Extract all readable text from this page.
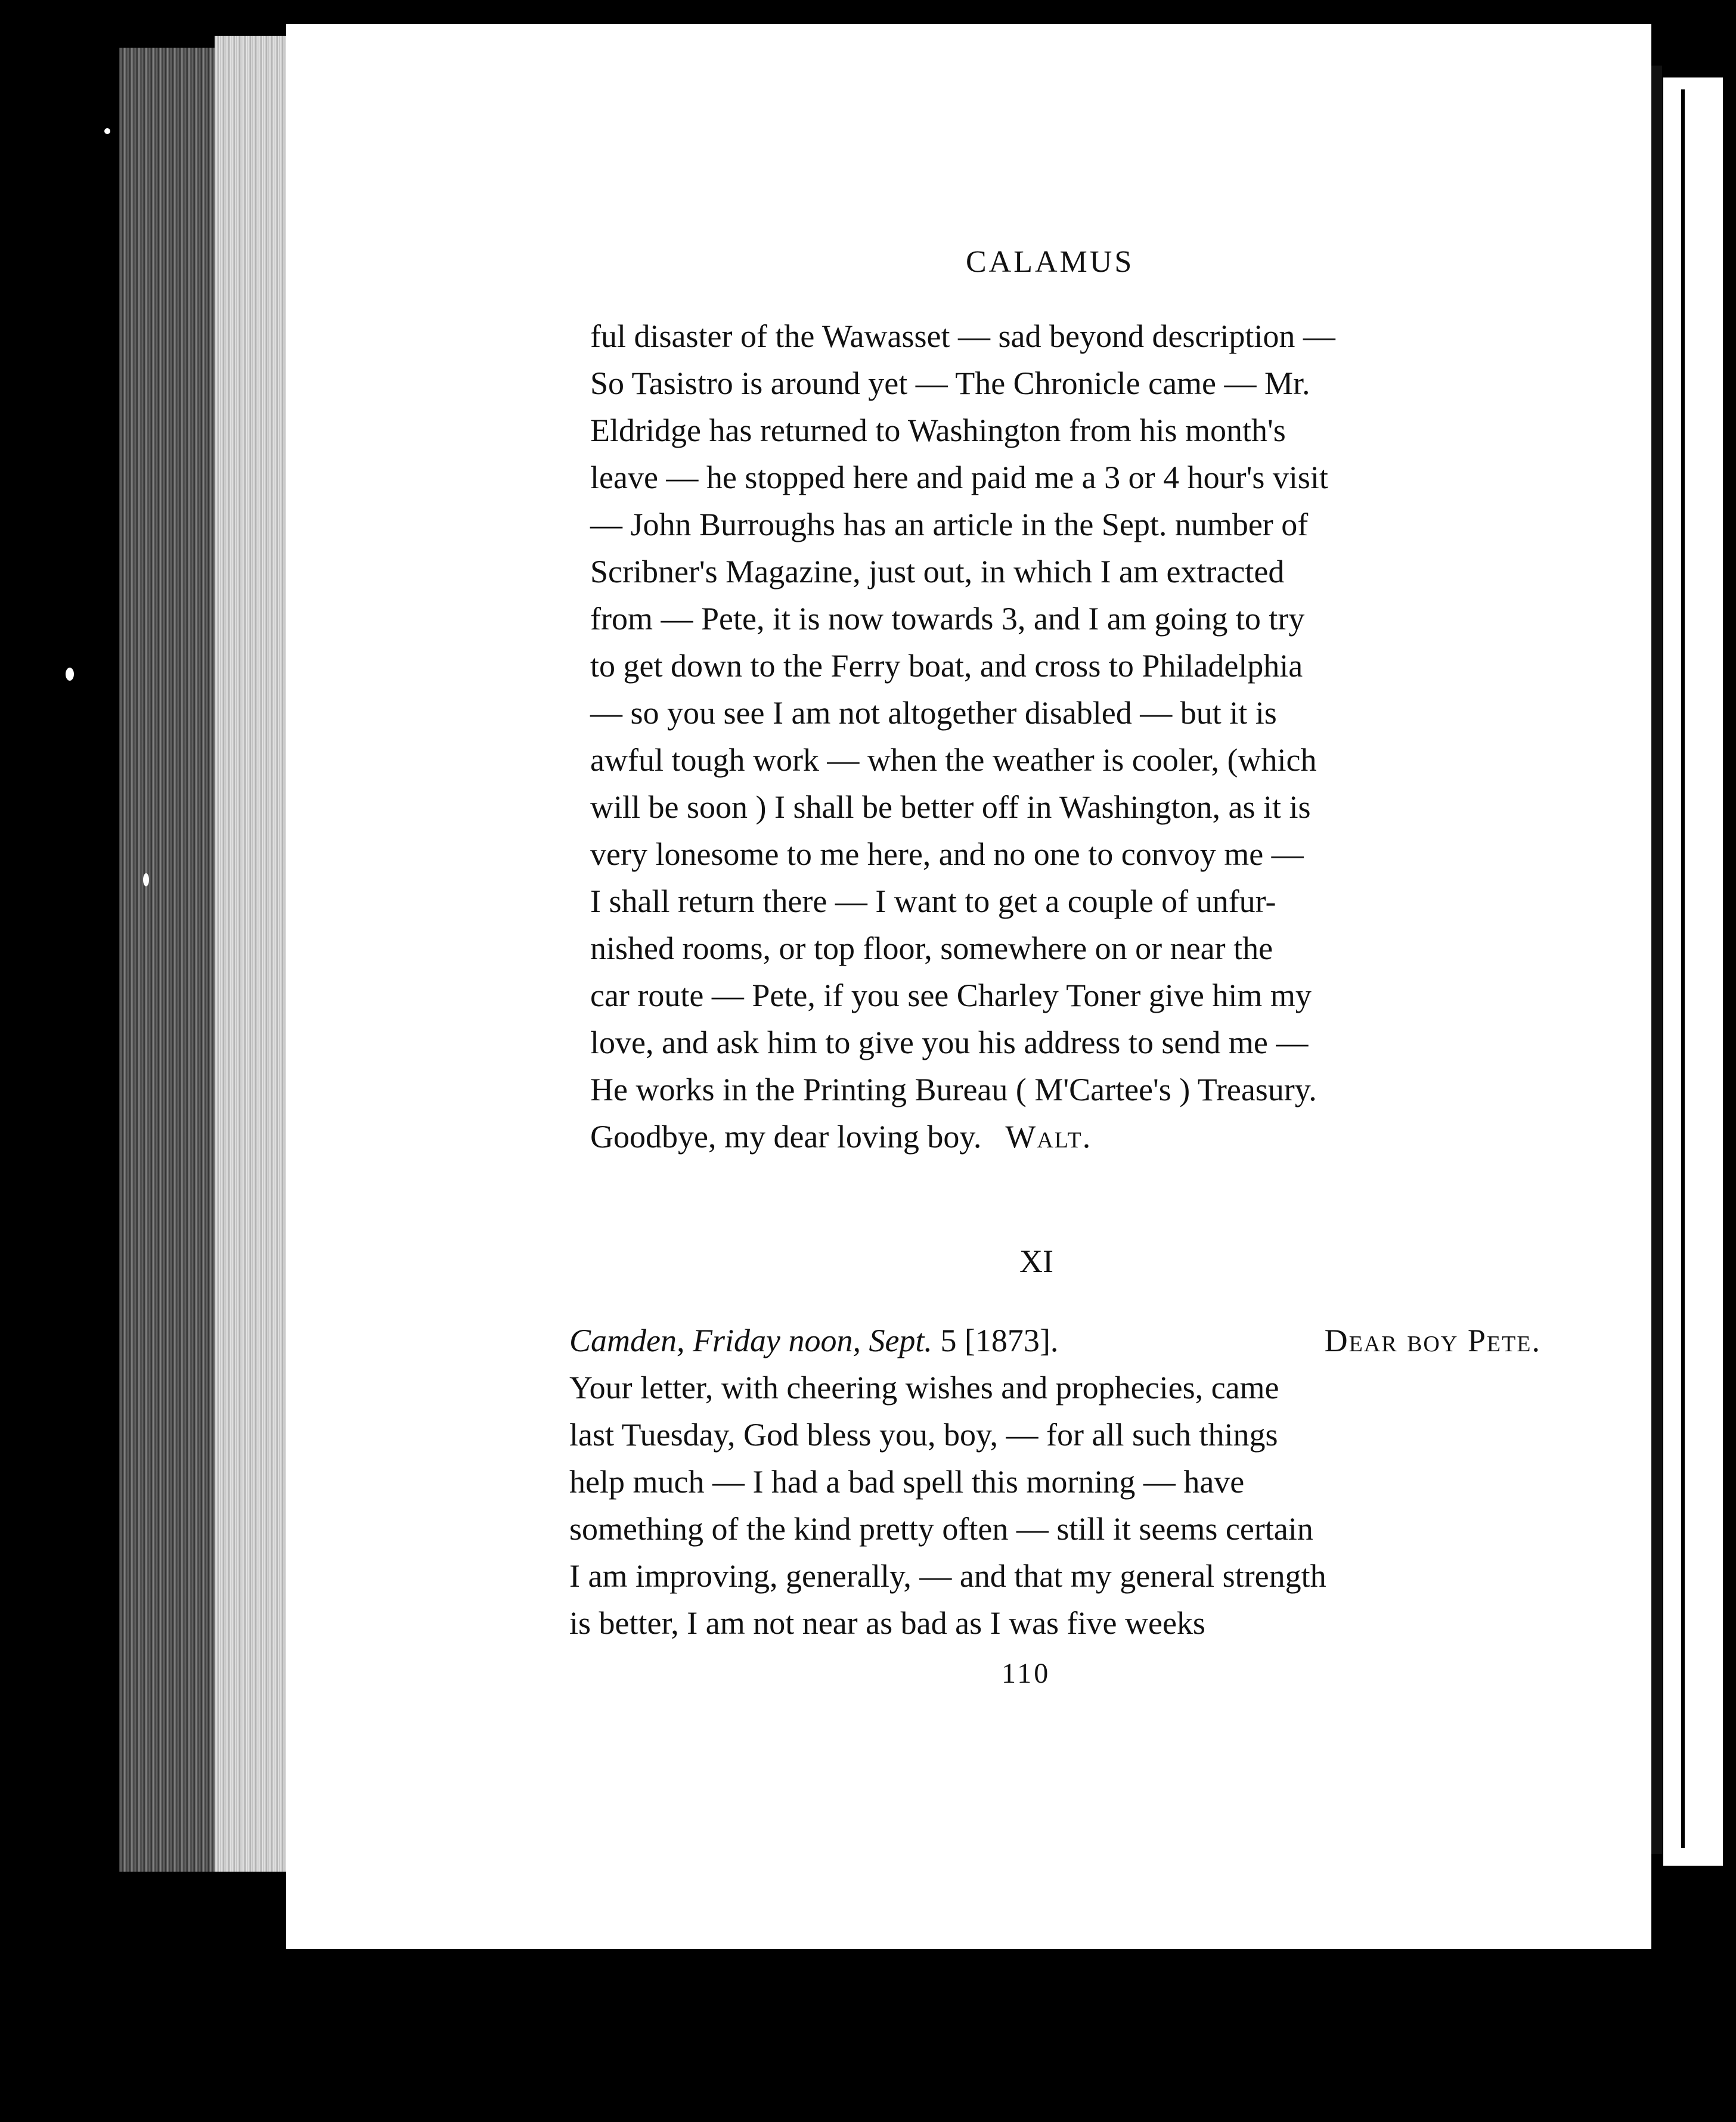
CALAMUS
ful disaster of the Wawasset — sad beyond description —
So Tasistro is around yet — The Chronicle came — Mr.
Eldridge has returned to Washington from his month's
leave — he stopped here and paid me a 3 or 4 hour's visit
— John Burroughs has an article in the Sept. number of
Scribner's Magazine, just out, in which I am extracted
from — Pete, it is now towards 3, and I am going to try
to get down to the Ferry boat, and cross to Philadelphia
— so you see I am not altogether disabled — but it is
awful tough work — when the weather is cooler, (which
will be soon ) I shall be better off in Washington, as it is
very lonesome to me here, and no one to convoy me —
I shall return there — I want to get a couple of unfur-
nished rooms, or top floor, somewhere on or near the
car route — Pete, if you see Charley Toner give him my
love, and ask him to give you his address to send me —
He works in the Printing Bureau ( M'Cartee's ) Treasury.
Goodbye, my dear loving boy. Walt.
XI
Camden, Friday noon, Sept. 5 [1873].	Dear boy Pete.
Your letter, with cheering wishes and prophecies, came
last Tuesday, God bless you, boy, — for all such things
help much — I had a bad spell this morning — have
something of the kind pretty often — still it seems certain
I am improving, generally, — and that my general strength
is better, I am not near as bad as I was five weeks
110
